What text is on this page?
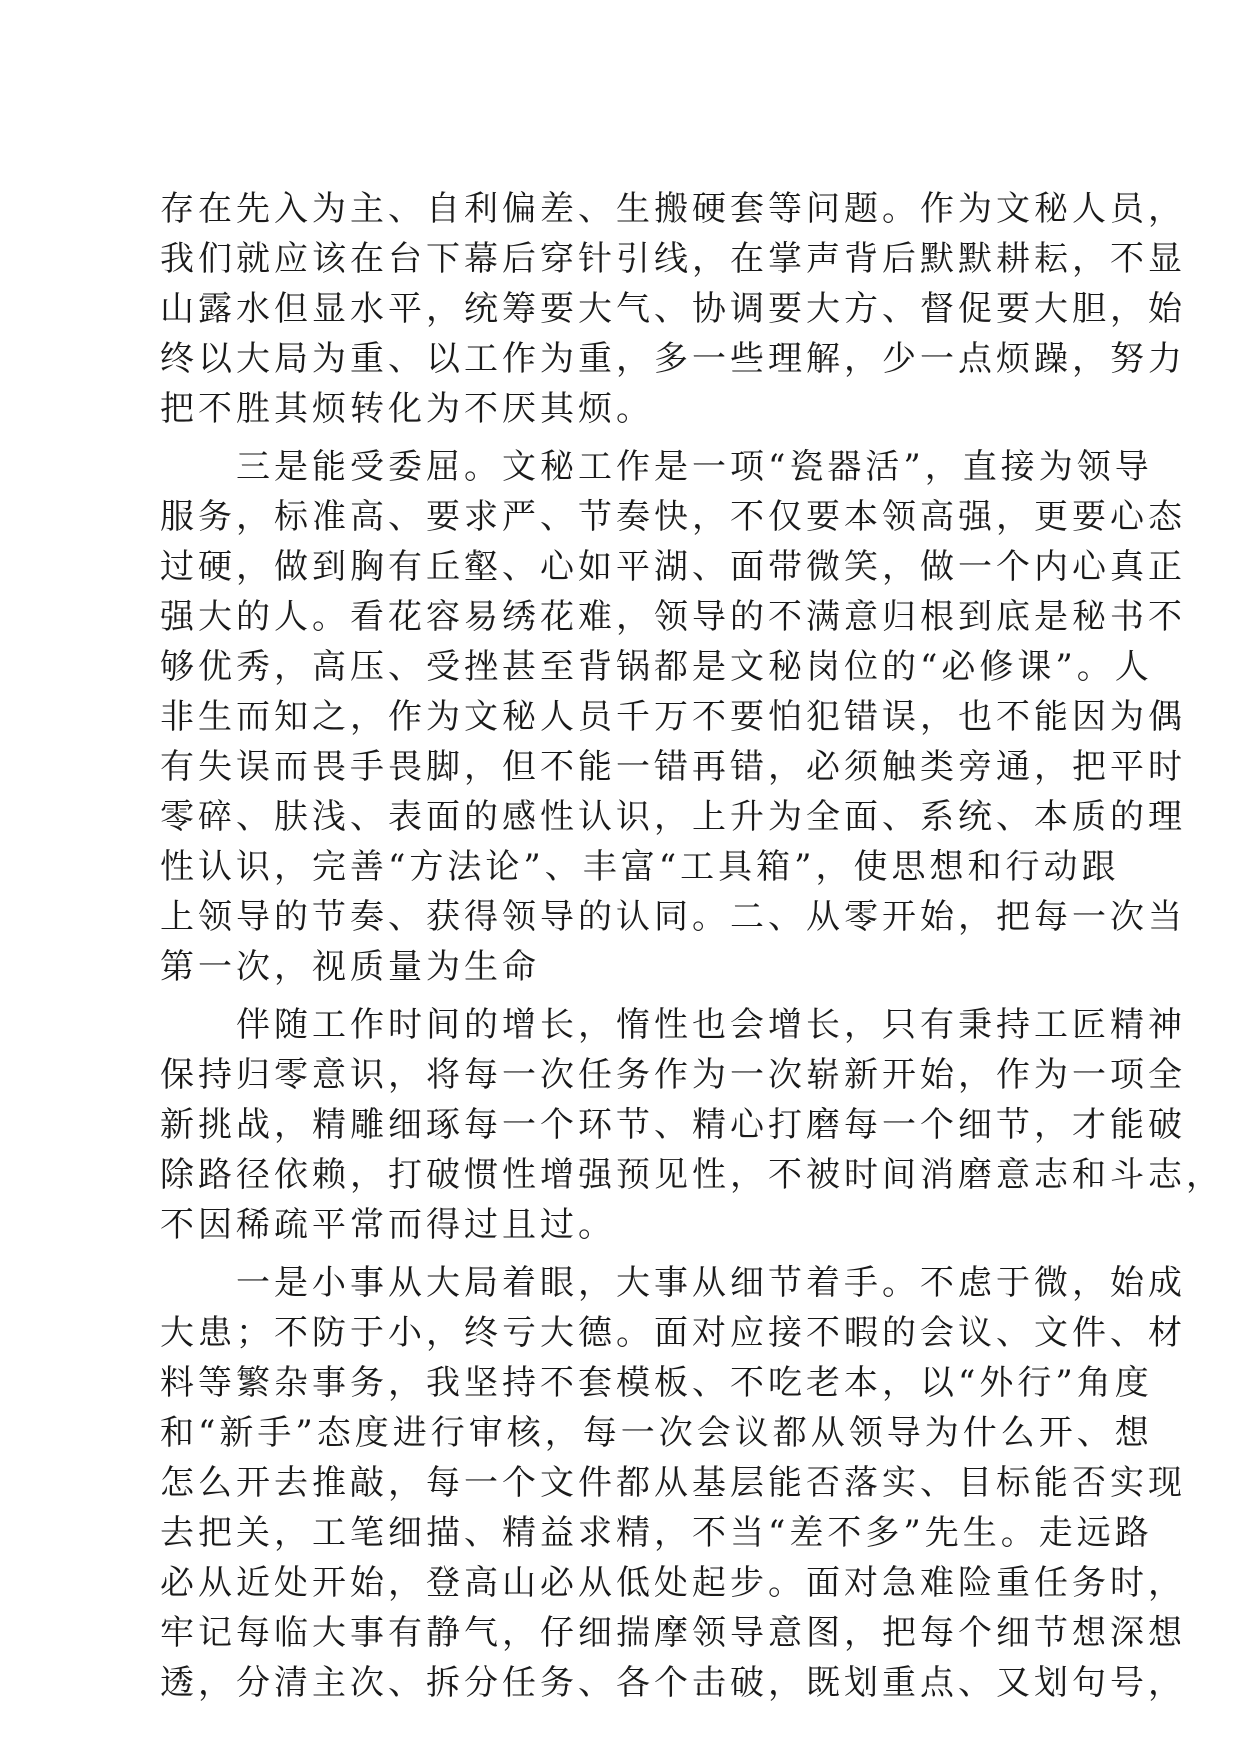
存在先入为主、自利偏差、生搬硬套等问题。作为文秘人员，
我们就应该在台下幕后穿针引线，在掌声背后默默耕耘，不显
山露水但显水平，统筹要大气、协调要大方、督促要大胆，始
终以大局为重、以工作为重，多一些理解，少一点烦躁，努力
把不胜其烦转化为不厌其烦。
　　三是能受委屈。文秘工作是一项“瓷器活”，直接为领导
服务，标准高、要求严、节奏快，不仅要本领高强，更要心态
过硬，做到胸有丘壑、心如平湖、面带微笑，做一个内心真正
强大的人。看花容易绣花难，领导的不满意归根到底是秘书不
够优秀，高压、受挫甚至背锅都是文秘岗位的“必修课”。人
非生而知之，作为文秘人员千万不要怕犯错误，也不能因为偶
有失误而畏手畏脚，但不能一错再错，必须触类旁通，把平时
零碎、肤浅、表面的感性认识，上升为全面、系统、本质的理
性认识，完善“方法论”、丰富“工具箱”，使思想和行动跟
上领导的节奏、获得领导的认同。二、从零开始，把每一次当
第一次，视质量为生命
　　伴随工作时间的增长，惰性也会增长，只有秉持工匠精神
保持归零意识，将每一次任务作为一次崭新开始，作为一项全
新挑战，精雕细琢每一个环节、精心打磨每一个细节，才能破
除路径依赖，打破惯性增强预见性，不被时间消磨意志和斗志，
不因稀疏平常而得过且过。
　　一是小事从大局着眼，大事从细节着手。不虑于微，始成
大患；不防于小，终亏大德。面对应接不暇的会议、文件、材
料等繁杂事务，我坚持不套模板、不吃老本，以“外行”角度
和“新手”态度进行审核，每一次会议都从领导为什么开、想
怎么开去推敲，每一个文件都从基层能否落实、目标能否实现
去把关，工笔细描、精益求精，不当“差不多”先生。走远路
必从近处开始，登高山必从低处起步。面对急难险重任务时，
牢记每临大事有静气，仔细揣摩领导意图，把每个细节想深想
透，分清主次、拆分任务、各个击破，既划重点、又划句号，
